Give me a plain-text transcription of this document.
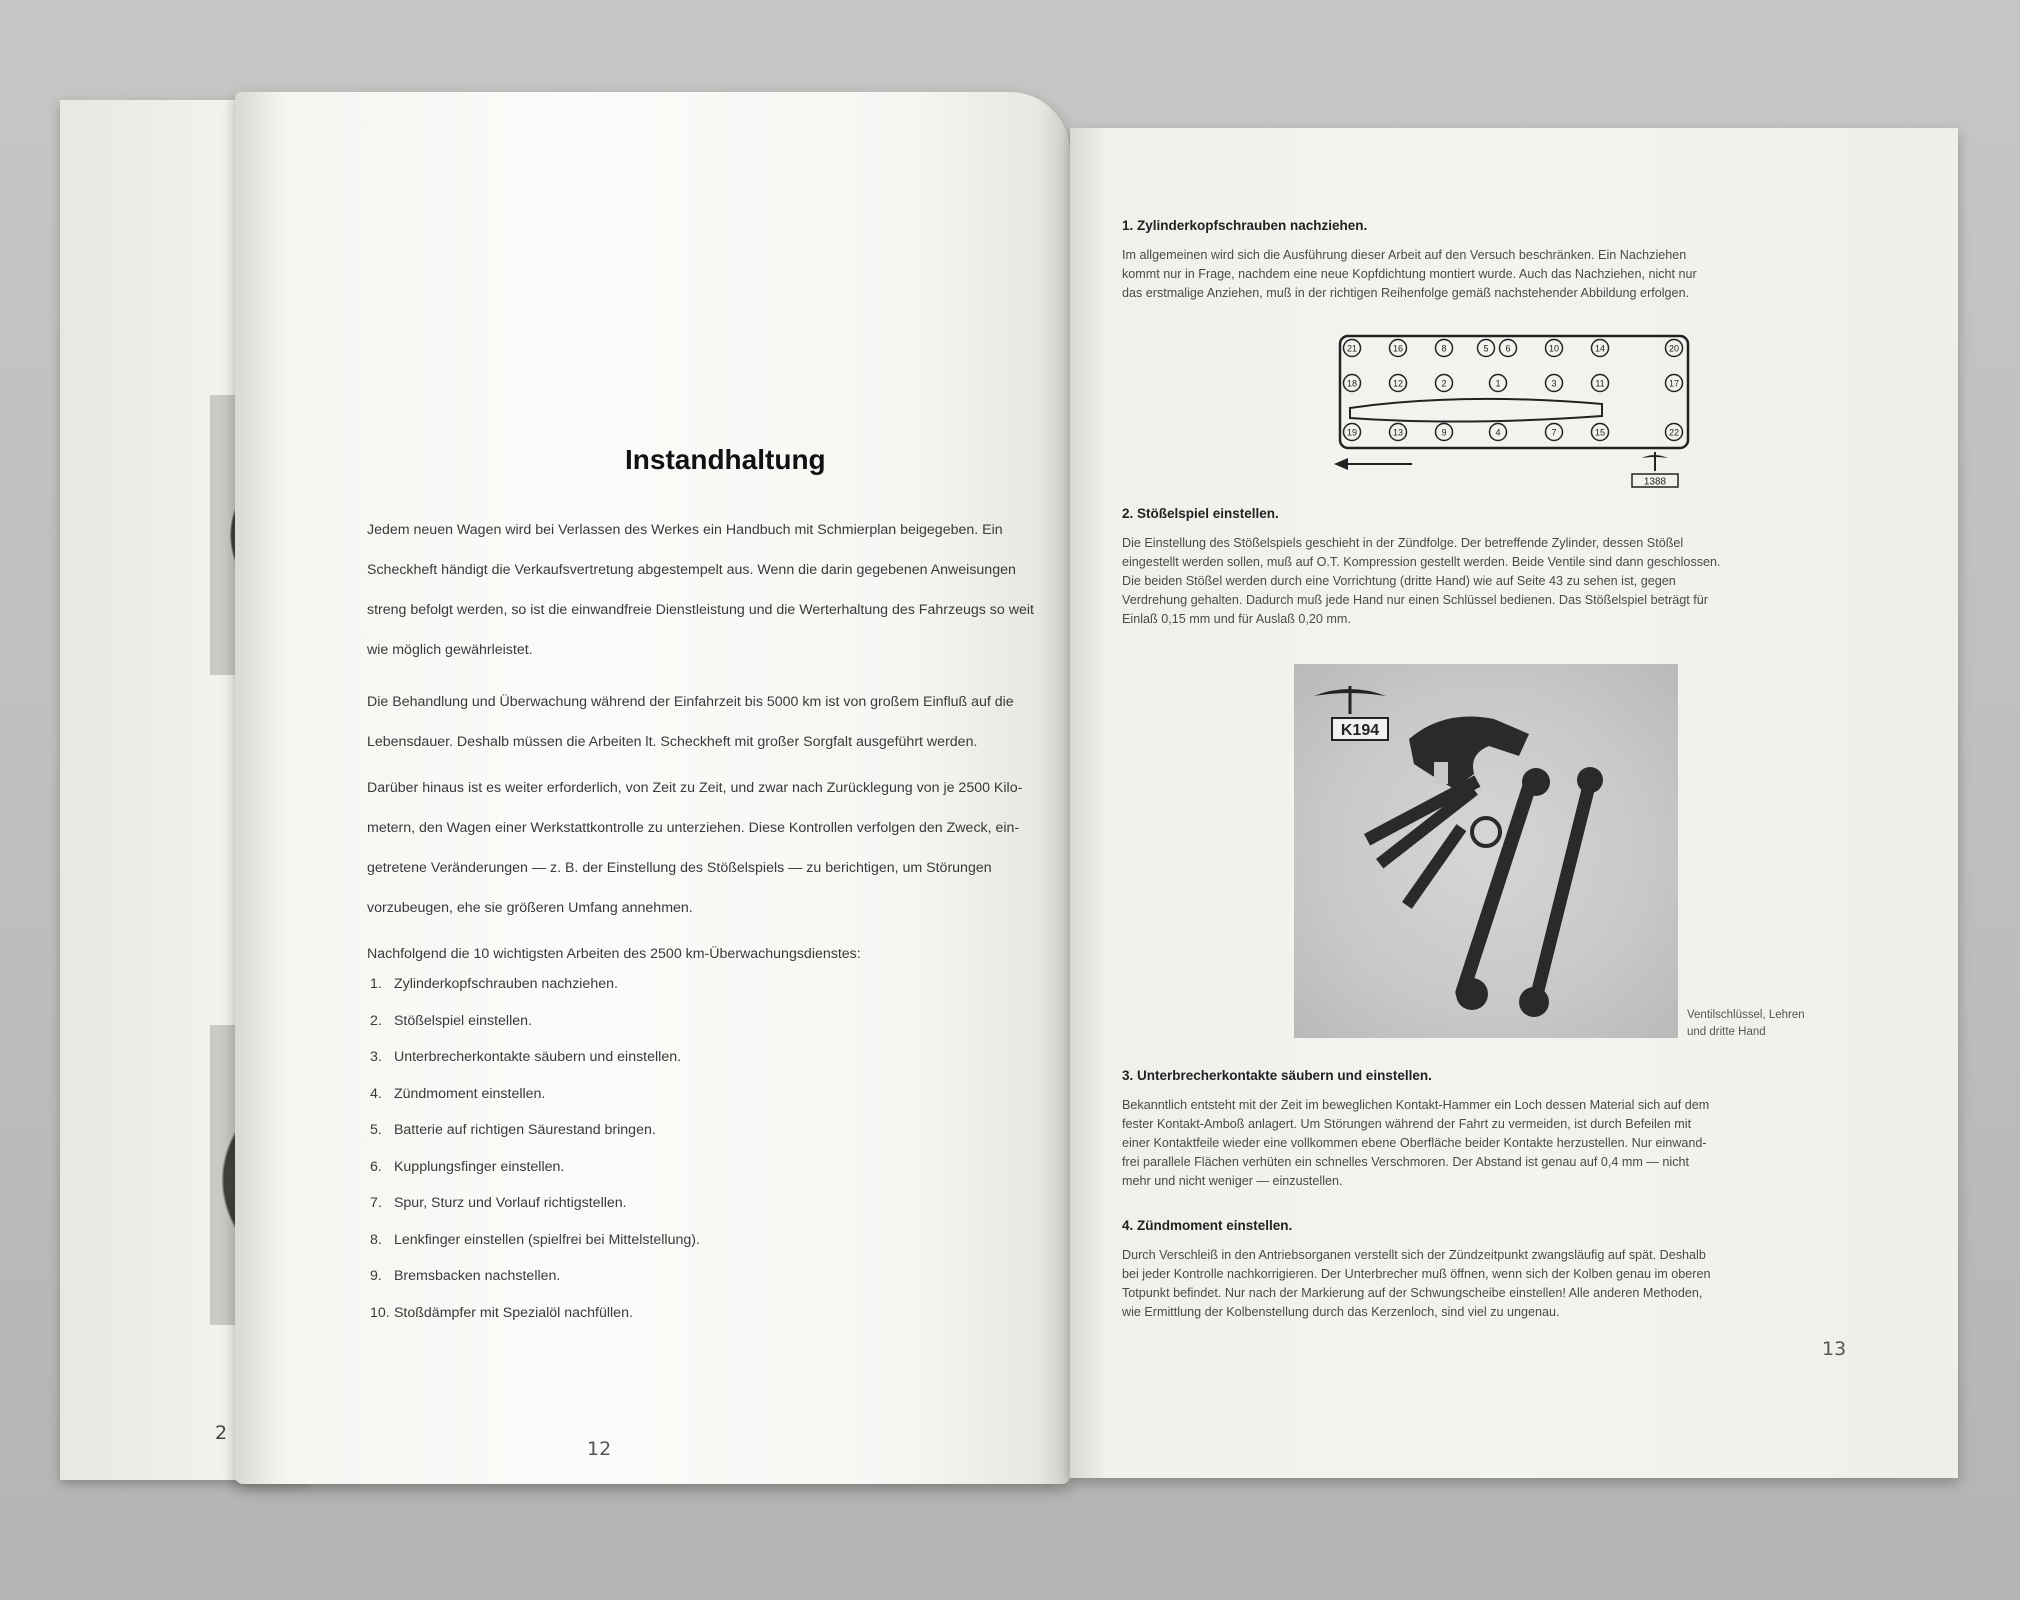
2
Instandhaltung
Jedem neuen Wagen wird bei Verlassen des Werkes ein Handbuch mit Schmierplan beigegeben. Ein
Scheckheft händigt die Verkaufsvertretung abgestempelt aus. Wenn die darin gegebenen Anweisungen
streng befolgt werden, so ist die einwandfreie Dienstleistung und die Werterhaltung des Fahrzeugs so weit
wie möglich gewährleistet.
Die Behandlung und Überwachung während der Einfahrzeit bis 5000 km ist von großem Einfluß auf die
Lebensdauer. Deshalb müssen die Arbeiten lt. Scheckheft mit großer Sorgfalt ausgeführt werden.
Darüber hinaus ist es weiter erforderlich, von Zeit zu Zeit, und zwar nach Zurücklegung von je 2500 Kilo-
metern, den Wagen einer Werkstattkontrolle zu unterziehen. Diese Kontrollen verfolgen den Zweck, ein-
getretene Veränderungen — z. B. der Einstellung des Stößelspiels — zu berichtigen, um Störungen
vorzubeugen, ehe sie größeren Umfang annehmen.
Nachfolgend die 10 wichtigsten Arbeiten des 2500 km-Überwachungsdienstes:
1. Zylinderkopfschrauben nachziehen.
2. Stößelspiel einstellen.
3. Unterbrecherkontakte säubern und einstellen.
4. Zündmoment einstellen.
5. Batterie auf richtigen Säurestand bringen.
6. Kupplungsfinger einstellen.
7. Spur, Sturz und Vorlauf richtigstellen.
8. Lenkfinger einstellen (spielfrei bei Mittelstellung).
9. Bremsbacken nachstellen.
10. Stoßdämpfer mit Spezialöl nachfüllen.
12
1. Zylinderkopfschrauben nachziehen.
Im allgemeinen wird sich die Ausführung dieser Arbeit auf den Versuch beschränken. Ein Nachziehen
kommt nur in Frage, nachdem eine neue Kopfdichtung montiert wurde. Auch das Nachziehen, nicht nur
das erstmalige Anziehen, muß in der richtigen Reihenfolge gemäß nachstehender Abbildung erfolgen.
21	16	8	5 6	10	14	20
18	12	2	1	3	11	17
19	13	9	4	7	15	22
1388
2. Stößelspiel einstellen.
Die Einstellung des Stößelspiels geschieht in der Zündfolge. Der betreffende Zylinder, dessen Stößel
eingestellt werden sollen, muß auf O.T. Kompression gestellt werden. Beide Ventile sind dann geschlossen.
Die beiden Stößel werden durch eine Vorrichtung (dritte Hand) wie auf Seite 43 zu sehen ist, gegen
Verdrehung gehalten. Dadurch muß jede Hand nur einen Schlüssel bedienen. Das Stößelspiel beträgt für
Einlaß 0,15 mm und für Auslaß 0,20 mm.
K194
Ventilschlüssel, Lehren
und dritte Hand
3. Unterbrecherkontakte säubern und einstellen.
Bekanntlich entsteht mit der Zeit im beweglichen Kontakt-Hammer ein Loch dessen Material sich auf dem
fester Kontakt-Amboß anlagert. Um Störungen während der Fahrt zu vermeiden, ist durch Befeilen mit
einer Kontaktfeile wieder eine vollkommen ebene Oberfläche beider Kontakte herzustellen. Nur einwand-
frei parallele Flächen verhüten ein schnelles Verschmoren. Der Abstand ist genau auf 0,4 mm — nicht
mehr und nicht weniger — einzustellen.
4. Zündmoment einstellen.
Durch Verschleiß in den Antriebsorganen verstellt sich der Zündzeitpunkt zwangsläufig auf spät. Deshalb
bei jeder Kontrolle nachkorrigieren. Der Unterbrecher muß öffnen, wenn sich der Kolben genau im oberen
Totpunkt befindet. Nur nach der Markierung auf der Schwungscheibe einstellen! Alle anderen Methoden,
wie Ermittlung der Kolbenstellung durch das Kerzenloch, sind viel zu ungenau.
13
